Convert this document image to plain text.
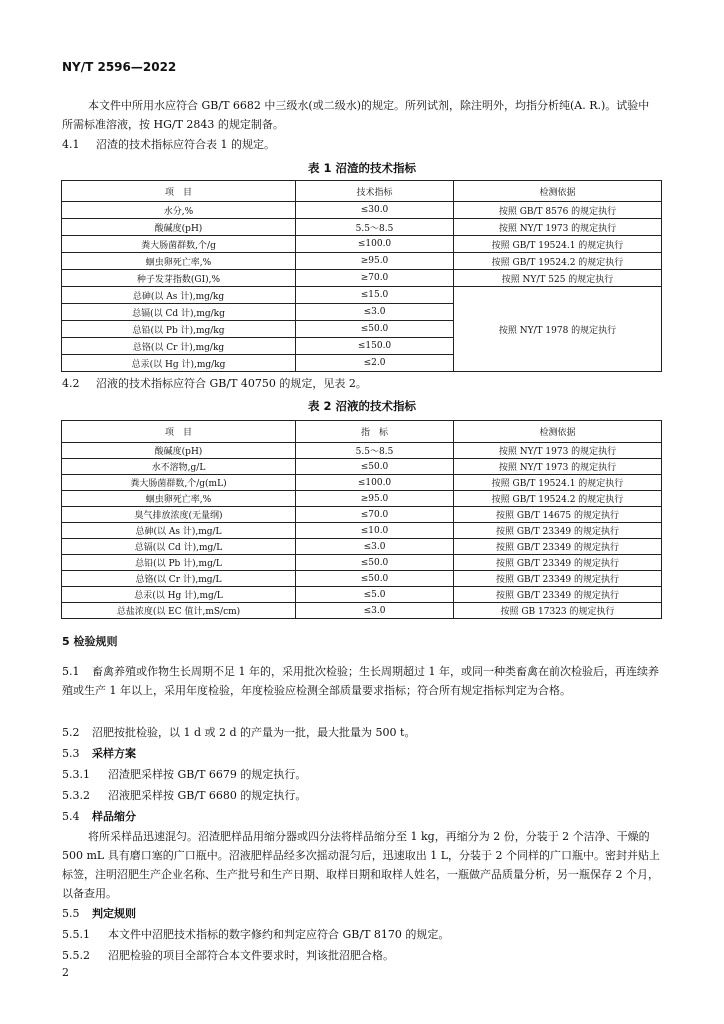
NY/T 2596—2022
本文件中所用水应符合 GB/T 6682 中三级水(或二级水)的规定。所列试剂，除注明外，均指分析纯(A. R.)。试验中所需标准溶液，按 HG/T 2843 的规定制备。
4.1 沼渣的技术指标应符合表 1 的规定。
表 1 沼渣的技术指标
项　目	技术指标	检测依据
水分,%	≤30.0	按照 GB/T 8576 的规定执行
酸碱度(pH)	5.5～8.5	按照 NY/T 1973 的规定执行
粪大肠菌群数,个/g	≤100.0	按照 GB/T 19524.1 的规定执行
蛔虫卵死亡率,%	≥95.0	按照 GB/T 19524.2 的规定执行
种子发芽指数(GI),%	≥70.0	按照 NY/T 525 的规定执行
总砷(以 As 计),mg/kg	≤15.0	按照 NY/T 1978 的规定执行
总镉(以 Cd 计),mg/kg	≤3.0	
总铅(以 Pb 计),mg/kg	≤50.0	
总铬(以 Cr 计),mg/kg	≤150.0	
总汞(以 Hg 计),mg/kg	≤2.0	
4.2 沼液的技术指标应符合 GB/T 40750 的规定，见表 2。
表 2 沼液的技术指标
项　目	指　标	检测依据
酸碱度(pH)	5.5～8.5	按照 NY/T 1973 的规定执行
水不溶物,g/L	≤50.0	按照 NY/T 1973 的规定执行
粪大肠菌群数,个/g(mL)	≤100.0	按照 GB/T 19524.1 的规定执行
蛔虫卵死亡率,%	≥95.0	按照 GB/T 19524.2 的规定执行
臭气排放浓度(无量纲)	≤70.0	按照 GB/T 14675 的规定执行
总砷(以 As 计),mg/L	≤10.0	按照 GB/T 23349 的规定执行
总镉(以 Cd 计),mg/L	≤3.0	按照 GB/T 23349 的规定执行
总铅(以 Pb 计),mg/L	≤50.0	按照 GB/T 23349 的规定执行
总铬(以 Cr 计),mg/L	≤50.0	按照 GB/T 23349 的规定执行
总汞(以 Hg 计),mg/L	≤5.0	按照 GB/T 23349 的规定执行
总盐浓度(以 EC 值计,mS/cm)	≤3.0	按照 GB 17323 的规定执行
5 检验规则
5.1 畜禽养殖或作物生长周期不足 1 年的，采用批次检验；生长周期超过 1 年，或同一种类畜禽在前次检验后，再连续养殖或生产 1 年以上，采用年度检验，年度检验应检测全部质量要求指标；符合所有规定指标判定为合格。
5.2 沼肥按批检验，以 1 d 或 2 d 的产量为一批，最大批量为 500 t。
5.3 采样方案
5.3.1 沼渣肥采样按 GB/T 6679 的规定执行。
5.3.2 沼液肥采样按 GB/T 6680 的规定执行。
5.4 样品缩分
将所采样品迅速混匀。沼渣肥样品用缩分器或四分法将样品缩分至 1 kg，再缩分为 2 份，分装于 2 个洁净、干燥的 500 mL 具有磨口塞的广口瓶中。沼液肥样品经多次摇动混匀后，迅速取出 1 L，分装于 2 个同样的广口瓶中。密封并贴上标签，注明沼肥生产企业名称、生产批号和生产日期、取样日期和取样人姓名，一瓶做产品质量分析，另一瓶保存 2 个月，以备查用。
5.5 判定规则
5.5.1 本文件中沼肥技术指标的数字修约和判定应符合 GB/T 8170 的规定。
5.5.2 沼肥检验的项目全部符合本文件要求时，判该批沼肥合格。
2
